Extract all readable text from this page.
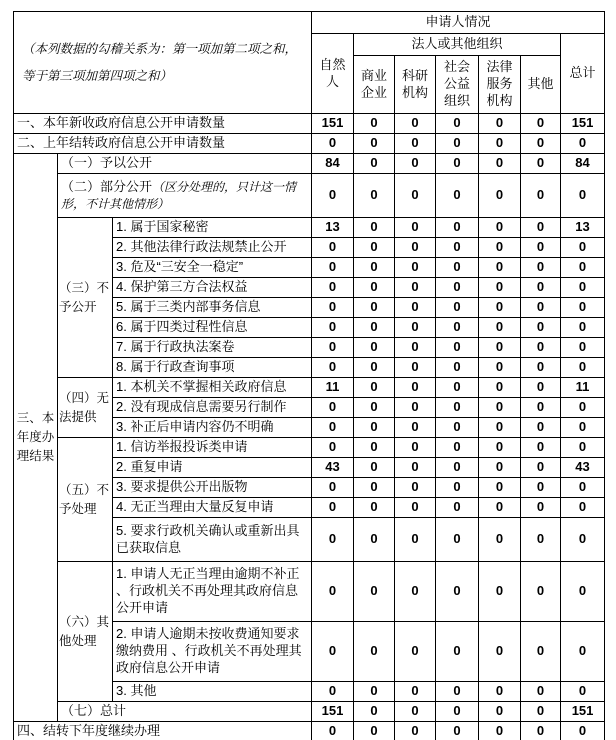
（本列数据的勾稽关系为：第一项加第二项之和，等于第三项加第四项之和）			申请人情况						
			自然人	法人或其他组织					总计
				商业企业	科研机构	社会公益组织	法律服务机构	其他	
一、本年新收政府信息公开申请数量			151	0	0	0	0	0	151
二、上年结转政府信息公开申请数量			0	0	0	0	0	0	0
三、本年度办理结果	（一）予以公开		84	0	0	0	0	0	84
	（二）部分公开（区分处理的，只计这一情形，不计其他情形）		0	0	0	0	0	0	0
	（三）不予公开	1. 属于国家秘密	13	0	0	0	0	0	13
		2. 其他法律行政法规禁止公开	0	0	0	0	0	0	0
		3. 危及“三安全一稳定”	0	0	0	0	0	0	0
		4. 保护第三方合法权益	0	0	0	0	0	0	0
		5. 属于三类内部事务信息	0	0	0	0	0	0	0
		6. 属于四类过程性信息	0	0	0	0	0	0	0
		7. 属于行政执法案卷	0	0	0	0	0	0	0
		8. 属于行政查询事项	0	0	0	0	0	0	0
	（四）无法提供	1. 本机关不掌握相关政府信息	11	0	0	0	0	0	11
		2. 没有现成信息需要另行制作	0	0	0	0	0	0	0
		3. 补正后申请内容仍不明确	0	0	0	0	0	0	0
	（五）不予处理	1. 信访举报投诉类申请	0	0	0	0	0	0	0
		2. 重复申请	43	0	0	0	0	0	43
		3. 要求提供公开出版物	0	0	0	0	0	0	0
		4. 无正当理由大量反复申请	0	0	0	0	0	0	0
		5. 要求行政机关确认或重新出具已获取信息	0	0	0	0	0	0	0
	（六）其他处理	1. 申请人无正当理由逾期不补正 、行政机关不再处理其政府信息公开申请	0	0	0	0	0	0	0
		2. 申请人逾期未按收费通知要求缴纳费用 、行政机关不再处理其政府信息公开申请	0	0	0	0	0	0	0
		3. 其他	0	0	0	0	0	0	0
	（七）总计		151	0	0	0	0	0	151
四、结转下年度继续办理			0	0	0	0	0	0	0
